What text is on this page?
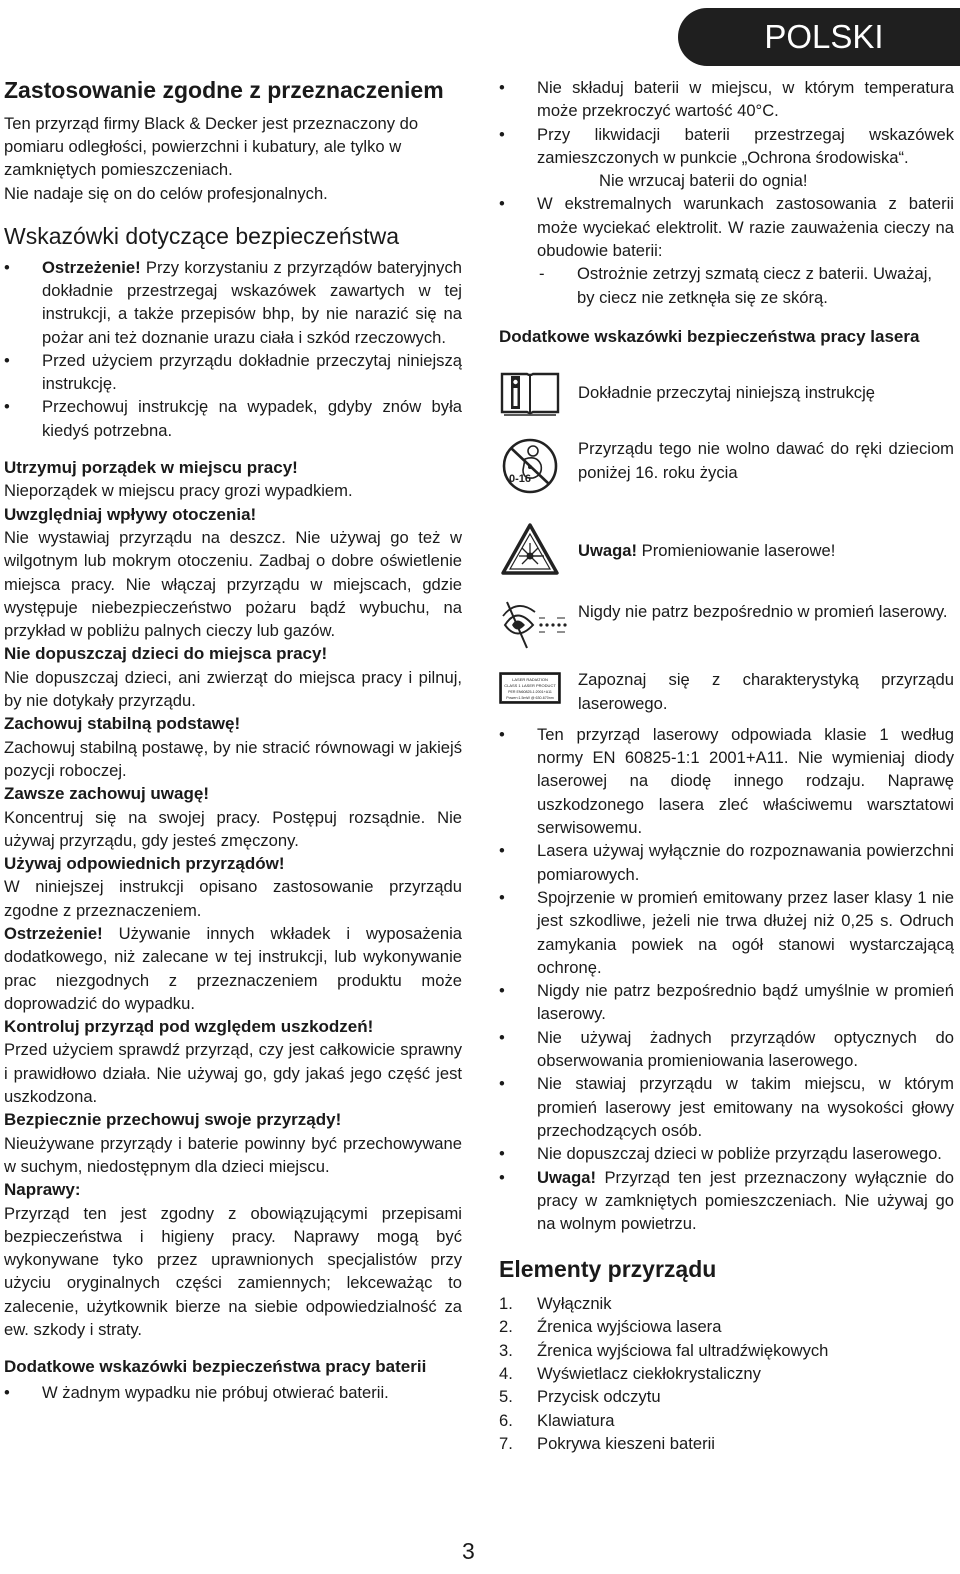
POLSKI
Zastosowanie zgodne z przeznaczeniem

Ten przyrząd firmy Black & Decker jest przeznaczony do pomiaru odległości, powierzchni i kubatury, ale tylko w zamkniętych pomieszczeniach.

Nie nadaje się on do celów profesjonalnych.

Wskazówki dotyczące bezpieczeństwa
• Ostrzeżenie! Przy korzystaniu z przyrządów bateryjnych dokładnie przestrzegaj wskazówek zawartych w tej instrukcji, a także przepisów bhp, by nie narazić się na pożar ani też doznanie urazu ciała i szkód rzeczowych.
• Przed użyciem przyrządu dokładnie przeczytaj niniejszą instrukcję.
• Przechowuj instrukcję na wypadek, gdyby znów była kiedyś potrzebna.

Utrzymuj porządek w miejscu pracy!

Nieporządek w miejscu pracy grozi wypadkiem.

Uwzględniaj wpływy otoczenia!

Nie wystawiaj przyrządu na deszcz. Nie używaj go też w wilgotnym lub mokrym otoczeniu. Zadbaj o dobre oświetlenie miejsca pracy. Nie włączaj przyrządu w miejscach, gdzie występuje niebezpieczeństwo pożaru bądź wybuchu, na przykład w pobliżu palnych cieczy lub gazów.

Nie dopuszczaj dzieci do miejsca pracy!

Nie dopuszczaj dzieci, ani zwierząt do miejsca pracy i pilnuj, by nie dotykały przyrządu.

Zachowuj stabilną podstawę!

Zachowuj stabilną postawę, by nie stracić równowagi w jakiejś pozycji roboczej.

Zawsze zachowuj uwagę!

Koncentruj się na swojej pracy. Postępuj rozsądnie. Nie używaj przyrządu, gdy jesteś zmęczony.

Używaj odpowiednich przyrządów!

W niniejszej instrukcji opisano zastosowanie przyrządu zgodne z przeznaczeniem.

Ostrzeżenie! Używanie innych wkładek i wyposażenia dodatkowego, niż zalecane w tej instrukcji, lub wykonywanie prac niezgodnych z przeznaczeniem produktu może doprowadzić do wypadku.

Kontroluj przyrząd pod względem uszkodzeń!

Przed użyciem sprawdź przyrząd, czy jest całkowicie sprawny i prawidłowo działa. Nie używaj go, gdy jakaś jego część jest uszkodzona.

Bezpiecznie przechowuj swoje przyrządy!

Nieużywane przyrządy i baterie powinny być przechowywane w suchym, niedostępnym dla dzieci miejscu.

Naprawy:

Przyrząd ten jest zgodny z obowiązującymi przepisami bezpieczeństwa i higieny pracy. Naprawy mogą być wykonywane tyko przez uprawnionych specjalistów przy użyciu oryginalnych części zamiennych; lekceważąc to zalecenie, użytkownik bierze na siebie odpowiedzialność za ew. szkody i straty.

Dodatkowe wskazówki bezpieczeństwa pracy baterii

• W żadnym wypadku nie próbuj otwierać baterii.
• Nie składuj baterii w miejscu, w którym temperatura może przekroczyć wartość 40°C.
• Przy likwidacji baterii przestrzegaj wskazówek zamieszczonych w punkcie „Ochrona środowiska“.
Nie wrzucaj baterii do ognia!
• W ekstremalnych warunkach zastosowania z baterii może wyciekać elektrolit. W razie zauważenia cieczy na obudowie baterii:
- Ostrożnie zetrzyj szmatą ciecz z baterii. Uważaj, by ciecz nie zetknęła się ze skórą.

Dodatkowe wskazówki bezpieczeństwa pracy lasera

Dokładnie przeczytaj niniejszą instrukcję
0-16
Przyrządu tego nie wolno dawać do ręki dzieciom poniżej 16. roku życia
Uwaga! Promieniowanie laserowe!
Nigdy nie patrz bezpośrednio w promień laserowy.
LASER RADIATION
CLASS 1 LASER PRODUCT
PER EN60825-1:2001+A11
Power<1.5mW @ 630-670nm
Zapoznaj się z charakterystyką przyrządu laserowego.
• Ten przyrząd laserowy odpowiada klasie 1 według normy EN 60825-1:1 2001+A11. Nie wymieniaj diody laserowej na diodę innego rodzaju. Naprawę uszkodzonego lasera zleć właściwemu warsztatowi serwisowemu.
• Lasera używaj wyłącznie do rozpoznawania powierzchni pomiarowych.
• Spojrzenie w promień emitowany przez laser klasy 1 nie jest szkodliwe, jeżeli nie trwa dłużej niż 0,25 s. Odruch zamykania powiek na ogół stanowi wystarczającą ochronę.
• Nigdy nie patrz bezpośrednio bądź umyślnie w promień laserowy.
• Nie używaj żadnych przyrządów optycznych do obserwowania promieniowania laserowego.
• Nie stawiaj przyrządu w takim miejscu, w którym promień laserowy jest emitowany na wysokości głowy przechodzących osób.
• Nie dopuszczaj dzieci w pobliże przyrządu laserowego.
• Uwaga! Przyrząd ten jest przeznaczony wyłącznie do pracy w zamkniętych pomieszczeniach. Nie używaj go na wolnym powietrzu.
Elementy przyrządu
1.	Wyłącznik
2.	Źrenica wyjściowa lasera
3.	Źrenica wyjściowa fal ultradźwiękowych
4.	Wyświetlacz ciekłokrystaliczny
5.	Przycisk odczytu
6.	Klawiatura
7.	Pokrywa kieszeni baterii
3
